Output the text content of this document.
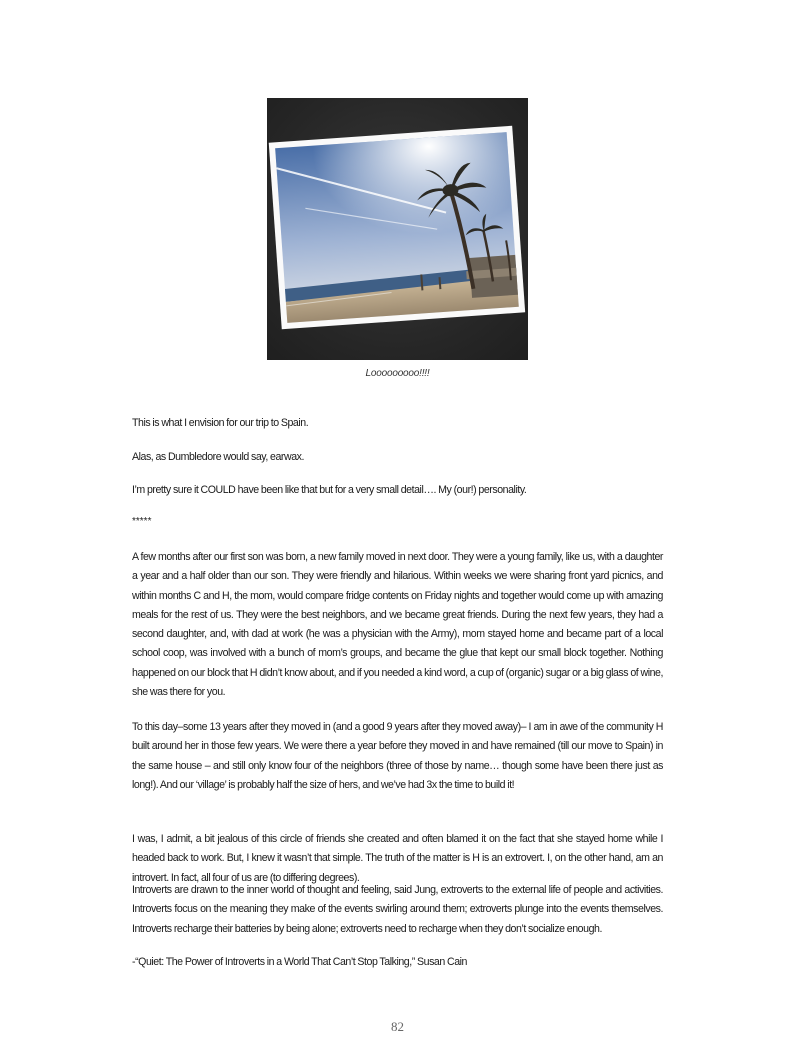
Looooooooo!!!!
This is what I envision for our trip to Spain.
Alas, as Dumbledore would say, earwax.
I’m pretty sure it COULD have been like that but for a very small detail…. My (our!) personality.
*****
A few months after our first son was born, a new family moved in next door. They were a young family, like us, with a daughter a year and a half older than our son. They were friendly and hilarious. Within weeks we were sharing front yard picnics, and within months C and H, the mom, would compare fridge contents on Friday nights and together would come up with amazing meals for the rest of us. They were the best neighbors, and we became great friends. During the next few years, they had a second daughter, and, with dad at work (he was a physician with the Army), mom stayed home and became part of a local school coop, was involved with a bunch of mom’s groups, and became the glue that kept our small block together. Nothing happened on our block that H didn’t know about, and if you needed a kind word, a cup of (organic) sugar or a big glass of wine, she was there for you.
To this day–some 13 years after they moved in (and a good 9 years after they moved away)– I am in awe of the community H built around her in those few years. We were there a year before they moved in and have remained (till our move to Spain) in the same house – and still only know four of the neighbors (three of those by name… though some have been there just as long!). And our ‘village’ is probably half the size of hers, and we’ve had 3x the time to build it!
I was, I admit, a bit jealous of this circle of friends she created and often blamed it on the fact that she stayed home while I headed back to work. But, I knew it wasn’t that simple. The truth of the matter is H is an extrovert. I, on the other hand, am an introvert. In fact, all four of us are (to differing degrees).
Introverts are drawn to the inner world of thought and feeling, said Jung, extroverts to the external life of people and activities. Introverts focus on the meaning they make of the events swirling around them; extroverts plunge into the events themselves. Introverts recharge their batteries by being alone; extroverts need to recharge when they don’t socialize enough.
-“Quiet: The Power of Introverts in a World That Can’t Stop Talking,” Susan Cain
82
